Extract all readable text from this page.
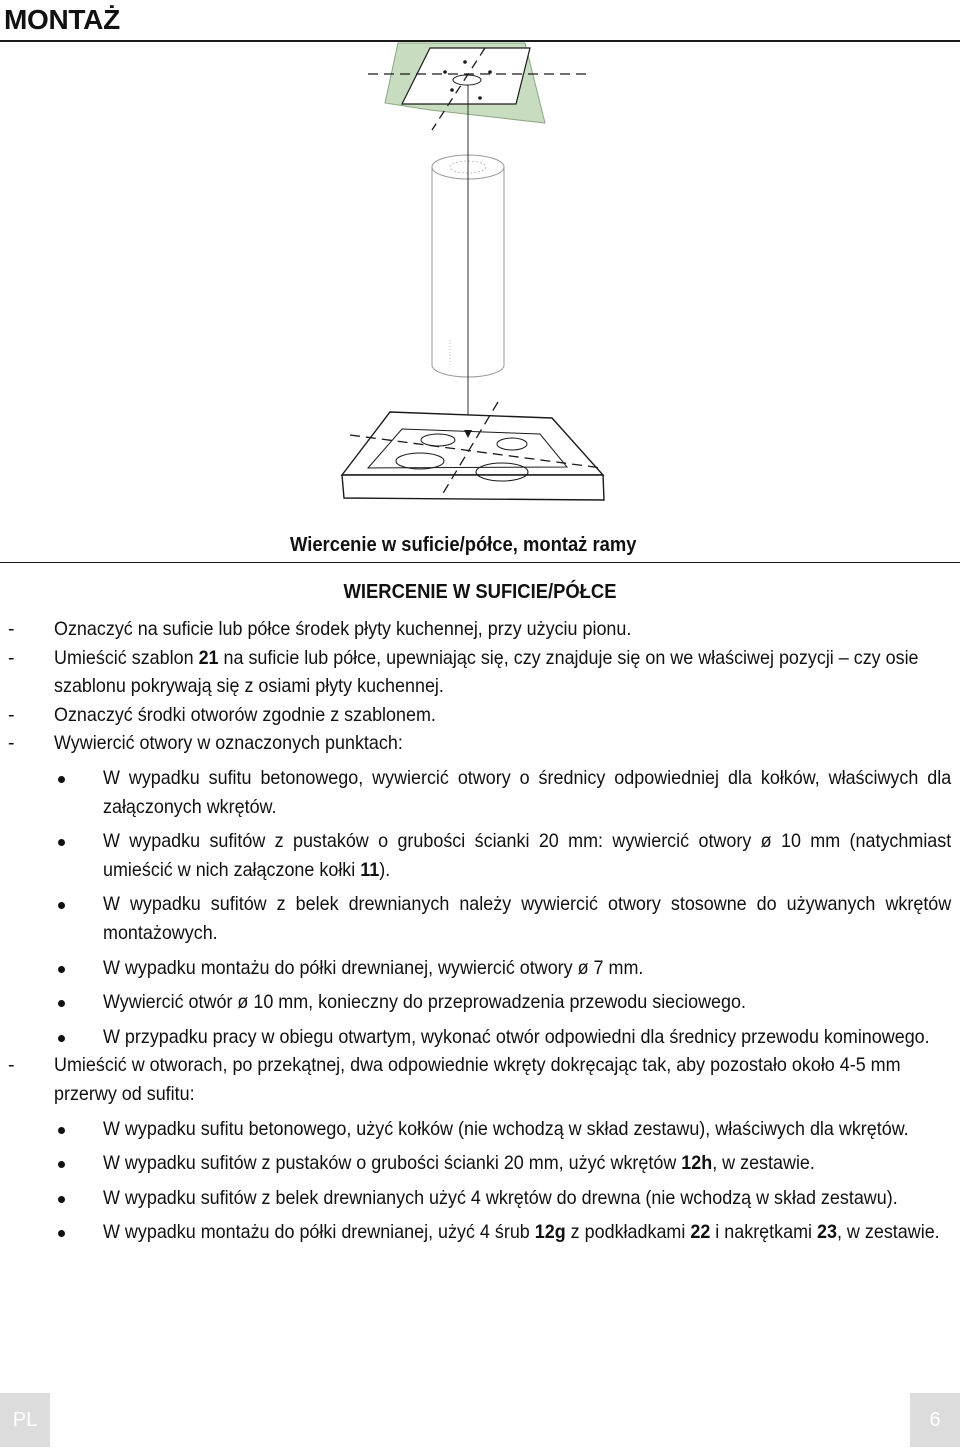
MONTAŻ
Wiercenie w suficie/półce, montaż ramy
WIERCENIE W SUFICIE/PÓŁCE
- Oznaczyć na suficie lub półce środek płyty kuchennej, przy użyciu pionu.
- Umieścić szablon 21 na suficie lub półce, upewniając się, czy znajduje się on we właściwej pozycji – czy osie szablonu pokrywają się z osiami płyty kuchennej.
- Oznaczyć środki otworów zgodnie z szablonem.
- Wywiercić otwory w oznaczonych punktach:
W wypadku sufitu betonowego, wywiercić otwory o średnicy odpowiedniej dla kołków, właściwych dla załączonych wkrętów.
W wypadku sufitów z pustaków o grubości ścianki 20 mm: wywiercić otwory ø 10 mm (natychmiast umieścić w nich załączone kołki 11).
W wypadku sufitów z belek drewnianych należy wywiercić otwory stosowne do używanych wkrętów montażowych.
W wypadku montażu do półki drewnianej, wywiercić otwory ø 7 mm.
Wywiercić otwór ø 10 mm, konieczny do przeprowadzenia przewodu sieciowego.
W przypadku pracy w obiegu otwartym, wykonać otwór odpowiedni dla średnicy przewodu kominowego.
- Umieścić w otworach, po przekątnej, dwa odpowiednie wkręty dokręcając tak, aby pozostało około 4-5 mm przerwy od sufitu:
W wypadku sufitu betonowego, użyć kołków (nie wchodzą w skład zestawu), właściwych dla wkrętów.
W wypadku sufitów z pustaków o grubości ścianki 20 mm, użyć wkrętów 12h, w zestawie.
W wypadku sufitów z belek drewnianych użyć 4 wkrętów do drewna (nie wchodzą w skład zestawu).
W wypadku montażu do półki drewnianej, użyć 4 śrub 12g z podkładkami 22 i nakrętkami 23, w zestawie.
PL	6
